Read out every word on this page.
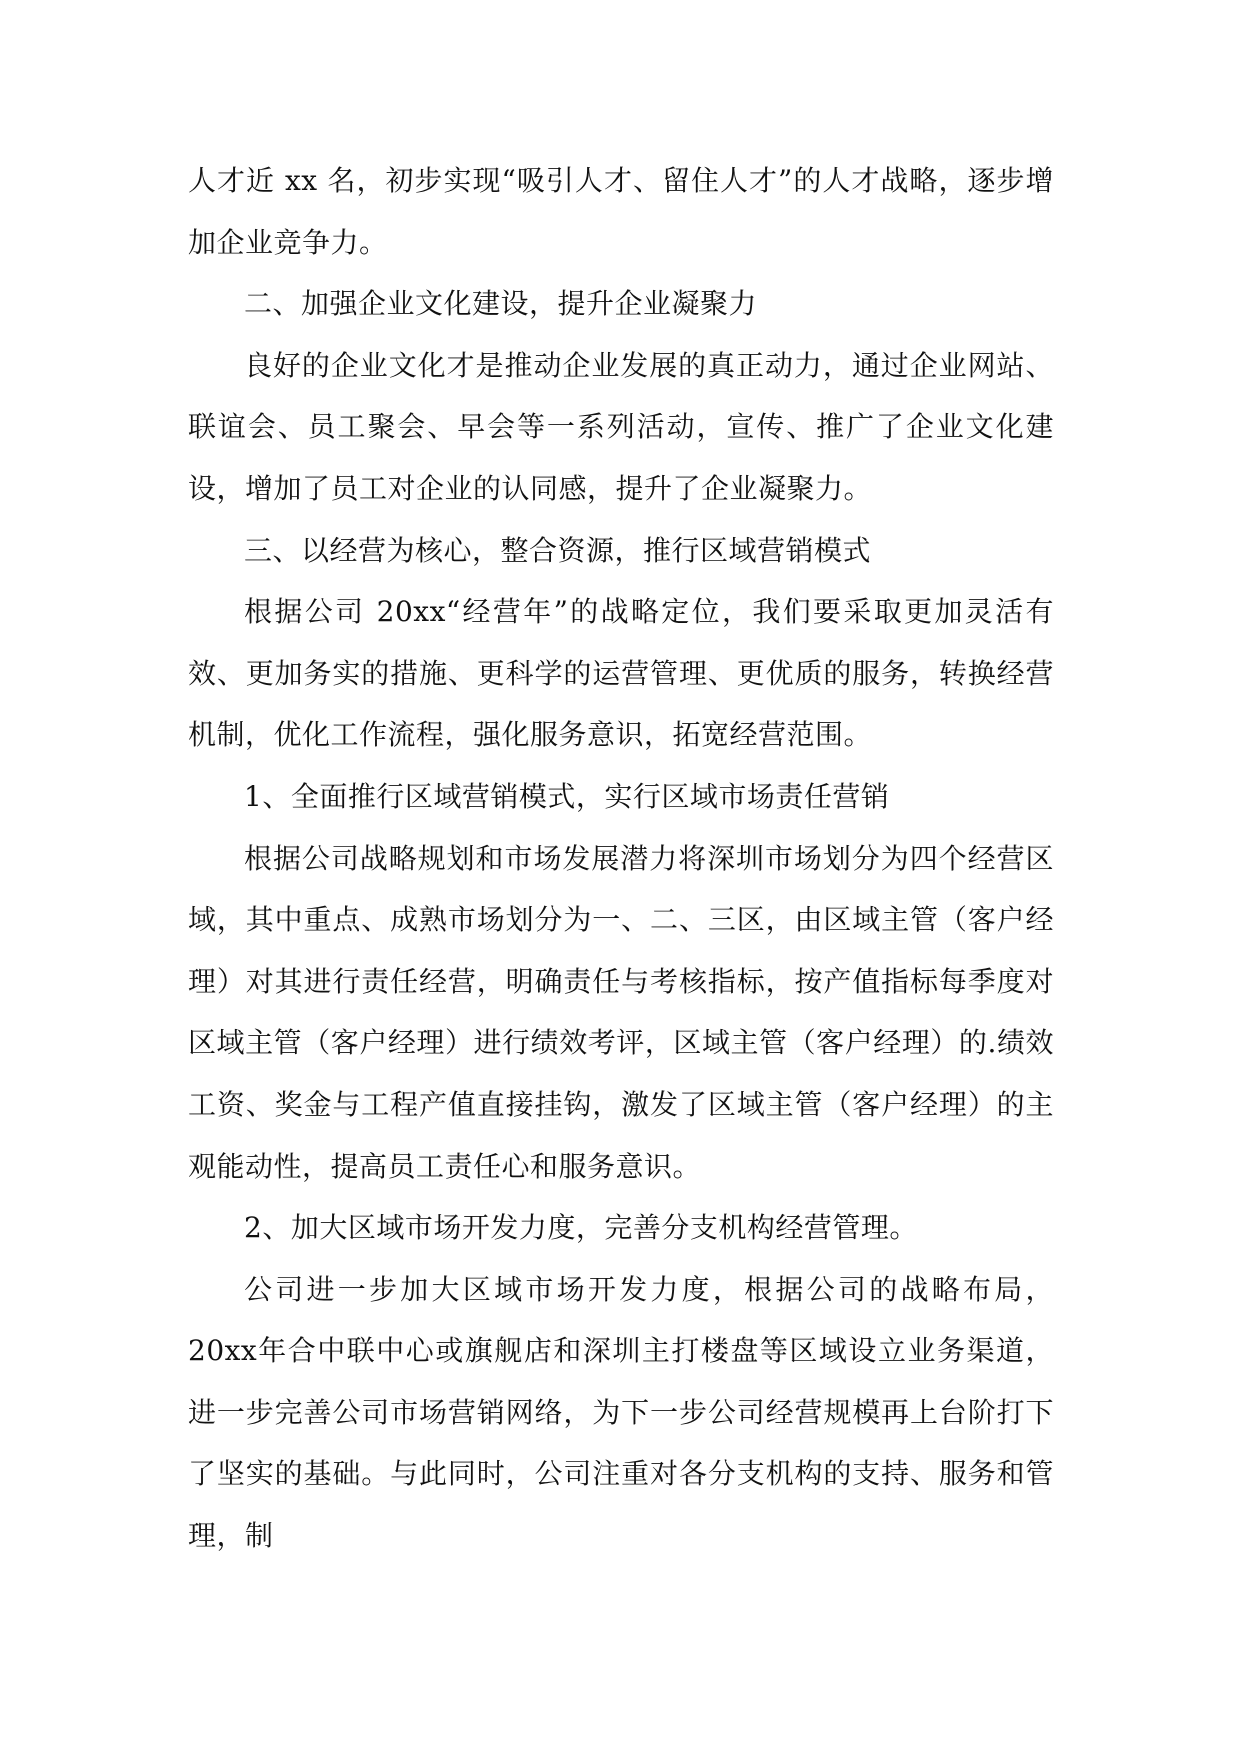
人才近 xx 名，初步实现“吸引人才、留住人才”的人才战略，逐步增加企业竞争力。

二、加强企业文化建设，提升企业凝聚力

良好的企业文化才是推动企业发展的真正动力，通过企业网站、联谊会、员工聚会、早会等一系列活动，宣传、推广了企业文化建设，增加了员工对企业的认同感，提升了企业凝聚力。

三、以经营为核心，整合资源，推行区域营销模式

根据公司 20xx“经营年”的战略定位，我们要采取更加灵活有效、更加务实的措施、更科学的运营管理、更优质的服务，转换经营机制，优化工作流程，强化服务意识，拓宽经营范围。

1、全面推行区域营销模式，实行区域市场责任营销

根据公司战略规划和市场发展潜力将深圳市场划分为四个经营区域，其中重点、成熟市场划分为一、二、三区，由区域主管（客户经理）对其进行责任经营，明确责任与考核指标，按产值指标每季度对区域主管（客户经理）进行绩效考评，区域主管（客户经理）的.绩效工资、奖金与工程产值直接挂钩，激发了区域主管（客户经理）的主观能动性，提高员工责任心和服务意识。

2、加大区域市场开发力度，完善分支机构经营管理。

公司进一步加大区域市场开发力度，根据公司的战略布局，20xx年合中联中心或旗舰店和深圳主打楼盘等区域设立业务渠道，进一步完善公司市场营销网络，为下一步公司经营规模再上台阶打下了坚实的基础。与此同时，公司注重对各分支机构的支持、服务和管理，制
